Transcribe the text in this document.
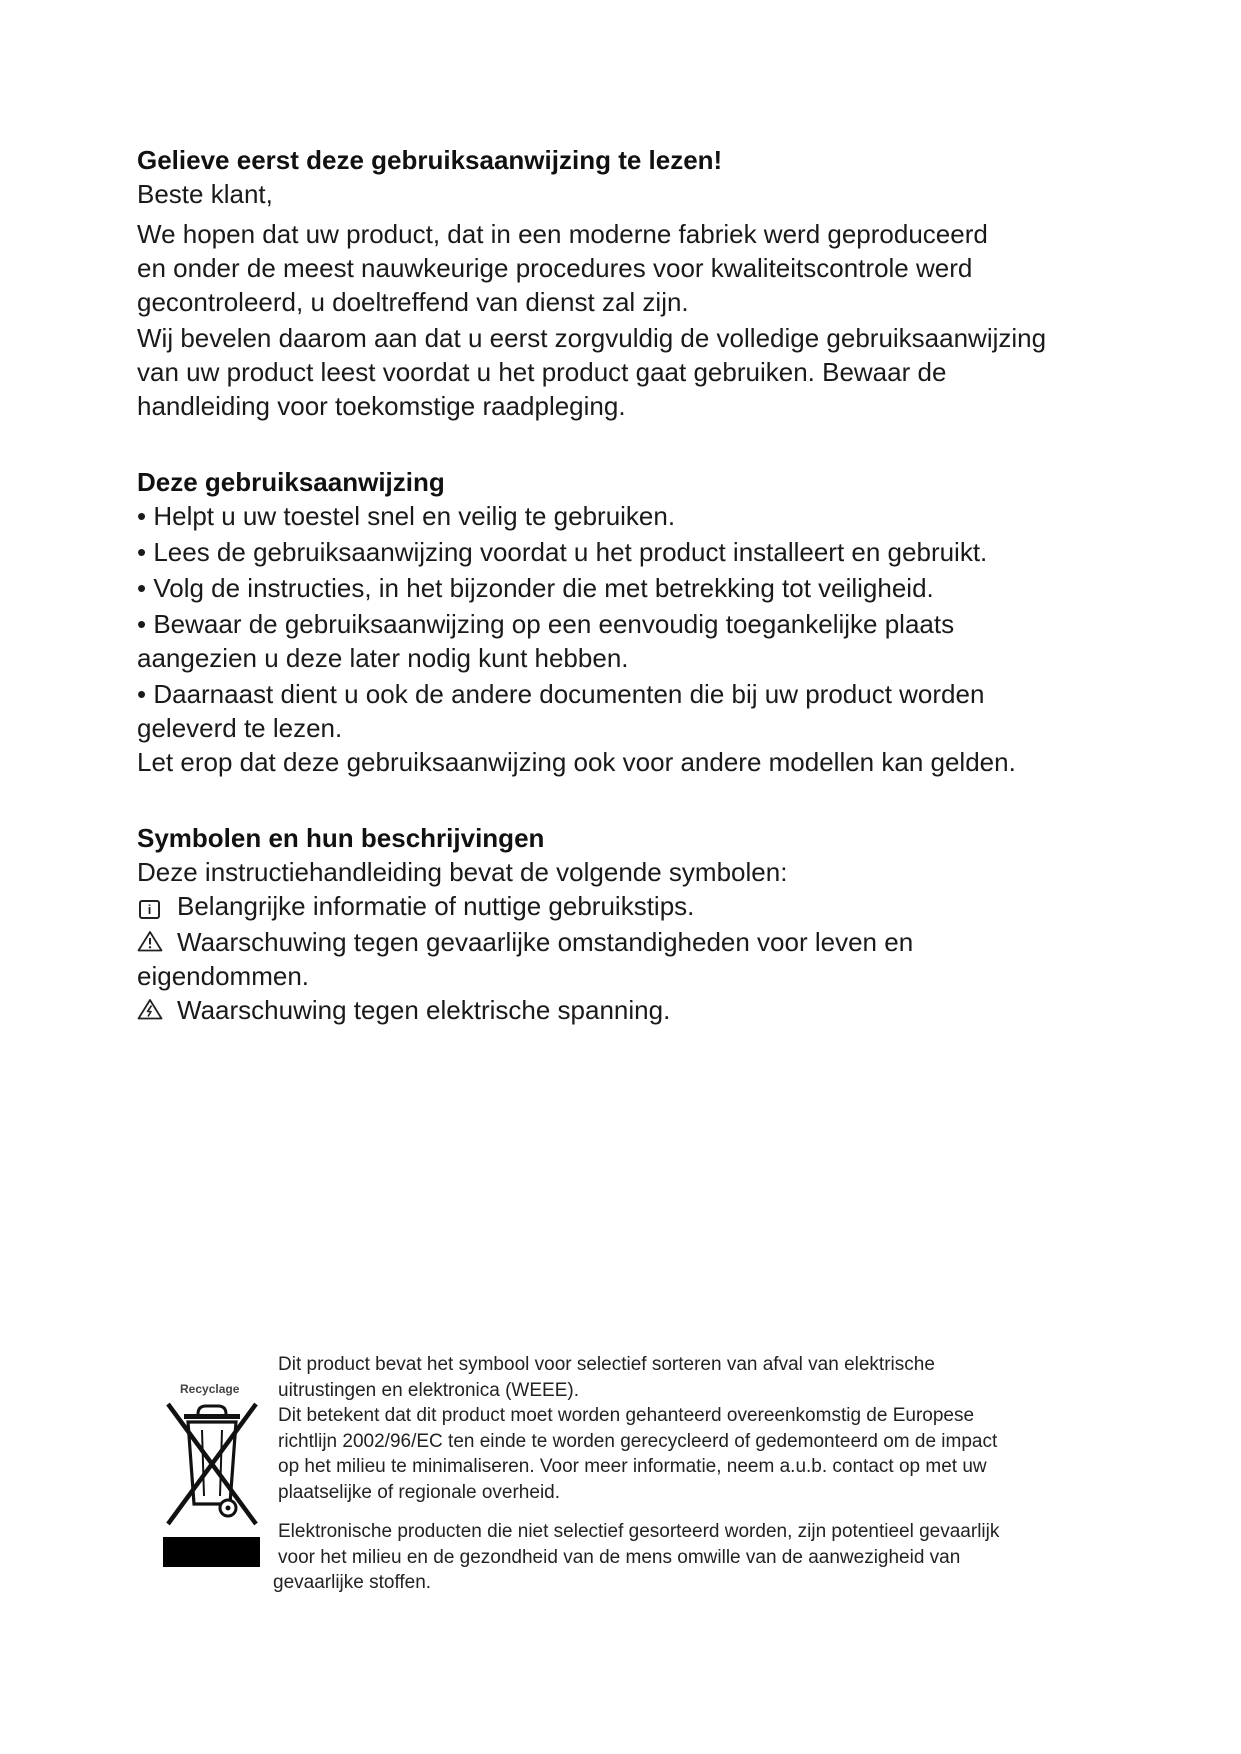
Gelieve eerst deze gebruiksaanwijzing te lezen!

Beste klant,

We hopen dat uw product, dat in een moderne fabriek werd geproduceerd

en onder de meest nauwkeurige procedures voor kwaliteitscontrole werd

gecontroleerd, u doeltreffend van dienst zal zijn.

Wij bevelen daarom aan dat u eerst zorgvuldig de volledige gebruiksaanwijzing

van uw product leest voordat u het product gaat gebruiken. Bewaar de

handleiding voor toekomstige raadpleging.

Deze gebruiksaanwijzing

• Helpt u uw toestel snel en veilig te gebruiken.

• Lees de gebruiksaanwijzing voordat u het product installeert en gebruikt.

• Volg de instructies, in het bijzonder die met betrekking tot veiligheid.

• Bewaar de gebruiksaanwijzing op een eenvoudig toegankelijke plaats

aangezien u deze later nodig kunt hebben.

• Daarnaast dient u ook de andere documenten die bij uw product worden

geleverd te lezen.

Let erop dat deze gebruiksaanwijzing ook voor andere modellen kan gelden.

Symbolen en hun beschrijvingen

Deze instructiehandleiding bevat de volgende symbolen:

i Belangrijke informatie of nuttige gebruikstips.

Waarschuwing tegen gevaarlijke omstandigheden voor leven en

eigendommen.

Waarschuwing tegen elektrische spanning.

Recyclage

Dit product bevat het symbool voor selectief sorteren van afval van elektrische

uitrustingen en elektronica (WEEE).

Dit betekent dat dit product moet worden gehanteerd overeenkomstig de Europese

richtlijn 2002/96/EC ten einde te worden gerecycleerd of gedemonteerd om de impact

op het milieu te minimaliseren. Voor meer informatie, neem a.u.b. contact op met uw

plaatselijke of regionale overheid.

Elektronische producten die niet selectief gesorteerd worden, zijn potentieel gevaarlijk

voor het milieu en de gezondheid van de mens omwille van de aanwezigheid van

gevaarlijke stoffen.
